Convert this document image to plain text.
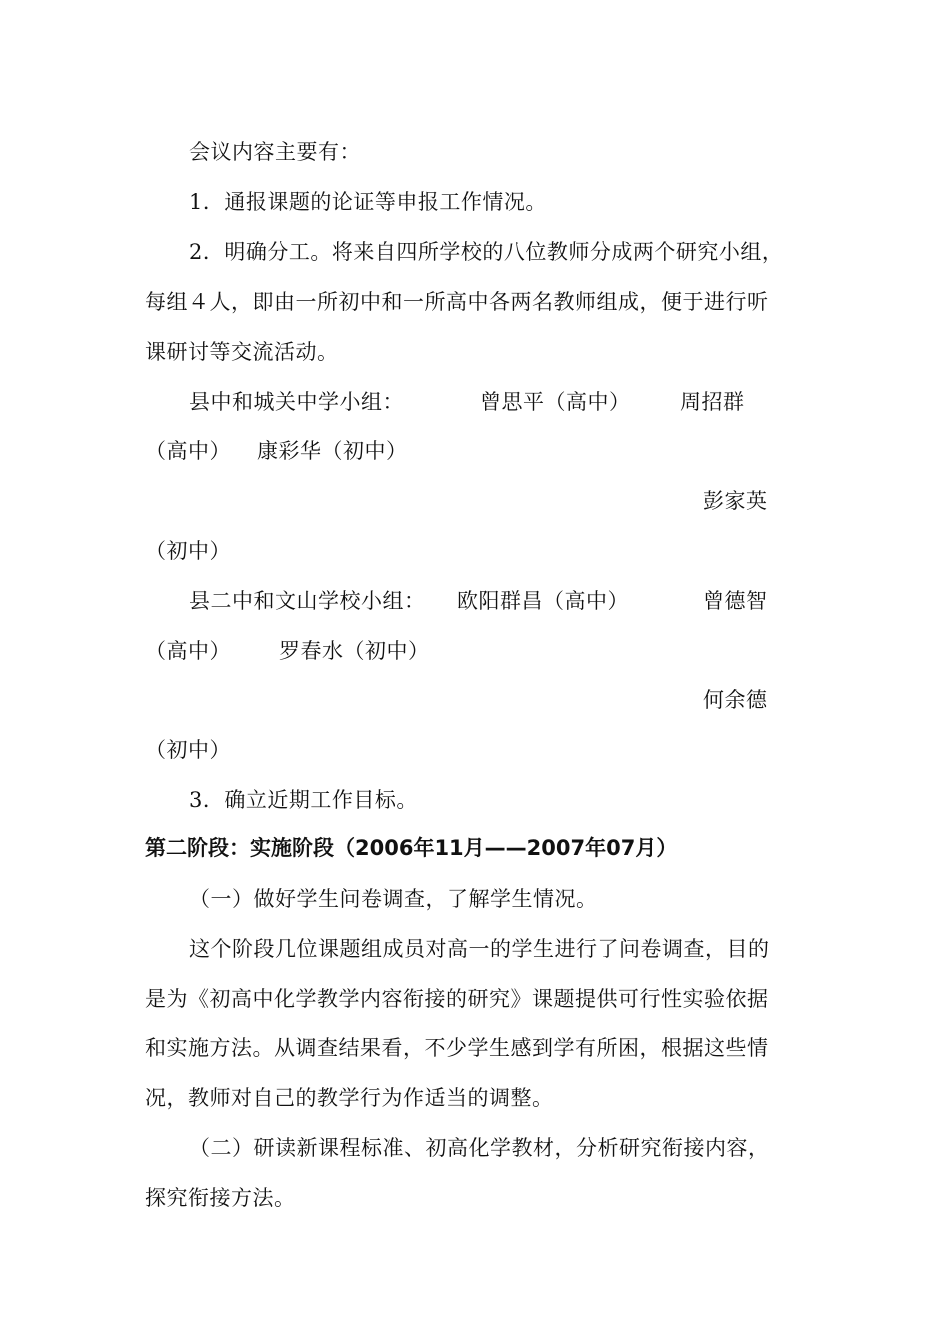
会议内容主要有：

1．通报课题的论证等申报工作情况。

2．明确分工。将来自四所学校的八位教师分成两个研究小组，

每组４人，即由一所初中和一所高中各两名教师组成，便于进行听

课研讨等交流活动。

县中和城关中学小组：	曾思平（高中） 周招群

（高中） 康彩华（初中）

彭家英

（初中）

县二中和文山学校小组： 欧阳群昌（高中）	曾德智

（高中） 罗春水（初中）

何余德

（初中）

3．确立近期工作目标。

第二阶段：实施阶段（2006年11月——2007年07月）

（一）做好学生问卷调查，了解学生情况。

这个阶段几位课题组成员对高一的学生进行了问卷调查，目的

是为《初高中化学教学内容衔接的研究》课题提供可行性实验依据

和实施方法。从调查结果看，不少学生感到学有所困，根据这些情

况，教师对自己的教学行为作适当的调整。

（二）研读新课程标准、初高化学教材，分析研究衔接内容，

探究衔接方法。
